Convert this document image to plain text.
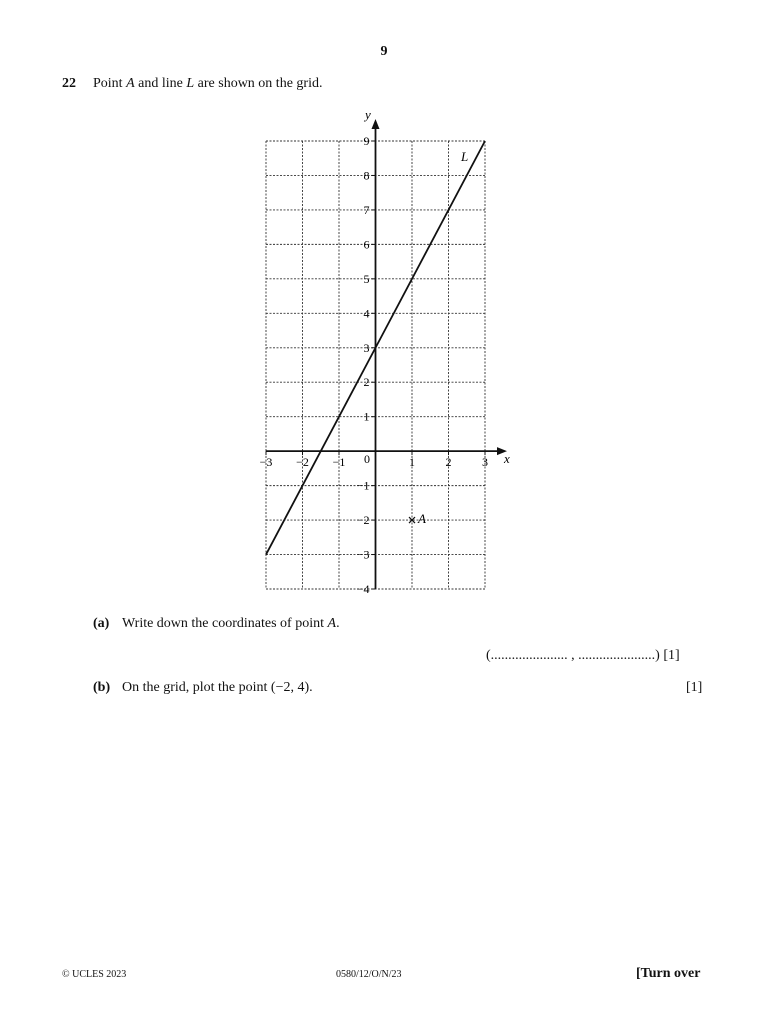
9
22 Point A and line L are shown on the grid.
−3 −2 −1	1	2	3
−4
−3
−2
−1
1
2
3
4
5
6
7
8
9
x
y
0
L
A
(a) Write down the coordinates of point A.
(...................... , ......................) [1]
(b) On the grid, plot the point (−2, 4).	[1]
© UCLES 2023	0580/12/O/N/23	[Turn over
